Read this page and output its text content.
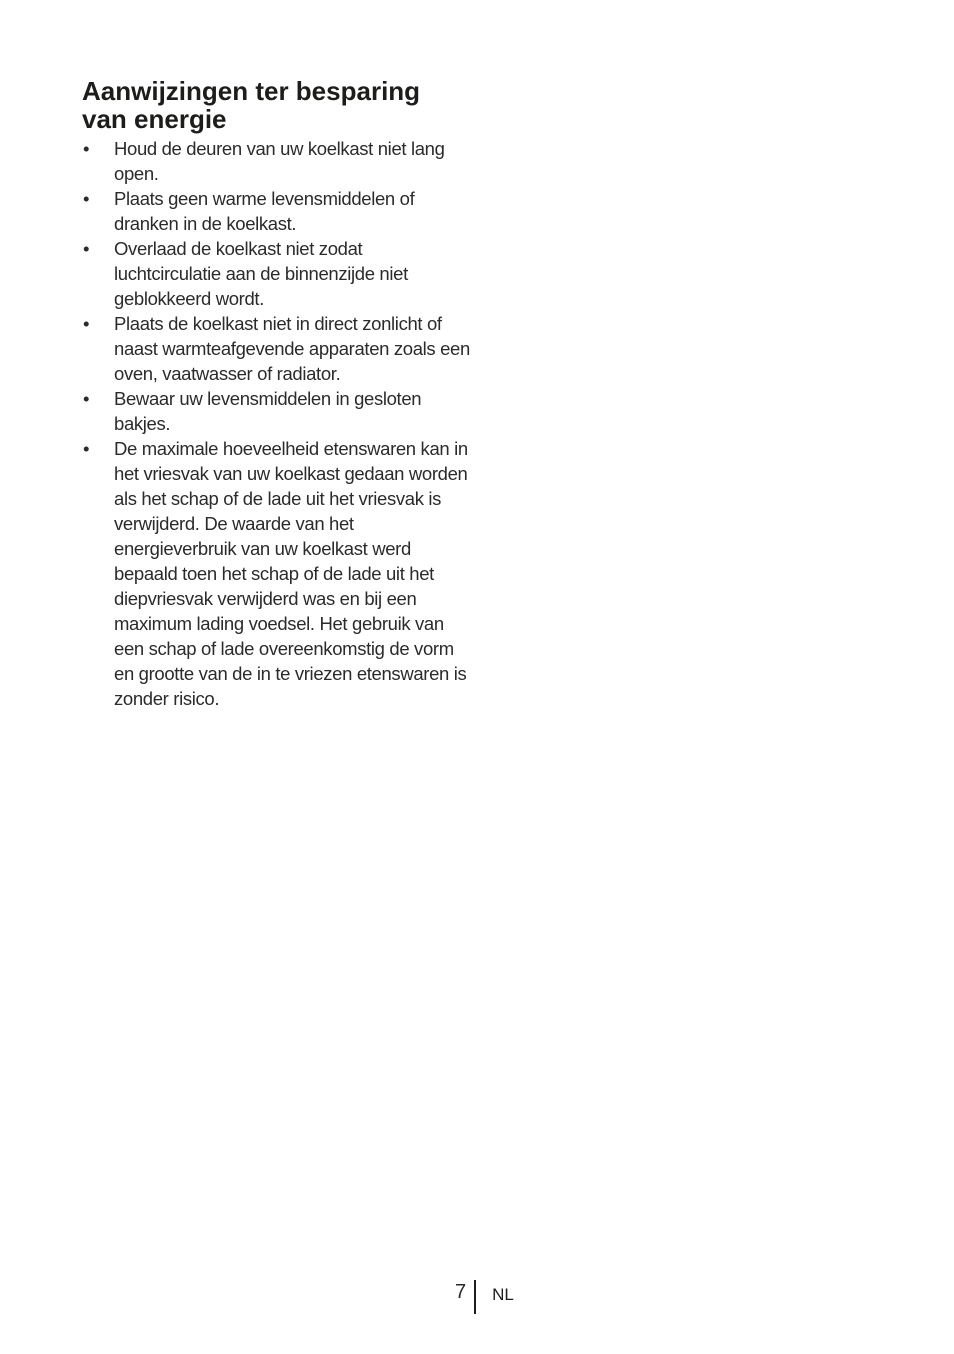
Aanwijzingen ter besparing van energie
• Houd de deuren van uw koelkast niet lang open.
• Plaats geen warme levensmiddelen of dranken in de koelkast.
• Overlaad de koelkast niet zodat luchtcirculatie aan de binnenzijde niet geblokkeerd wordt.
• Plaats de koelkast niet in direct zonlicht of naast warmteafgevende apparaten zoals een oven, vaatwasser of radiator.
• Bewaar uw levensmiddelen in gesloten bakjes.
• De maximale hoeveelheid etenswaren kan in het vriesvak van uw koelkast gedaan worden als het schap of de lade uit het vriesvak is verwijderd. De waarde van het energieverbruik van uw koelkast werd bepaald toen het schap of de lade uit het diepvriesvak verwijderd was en bij een maximum lading voedsel. Het gebruik van een schap of lade overeenkomstig de vorm en grootte van de in te vriezen etenswaren is zonder risico.
7 NL
